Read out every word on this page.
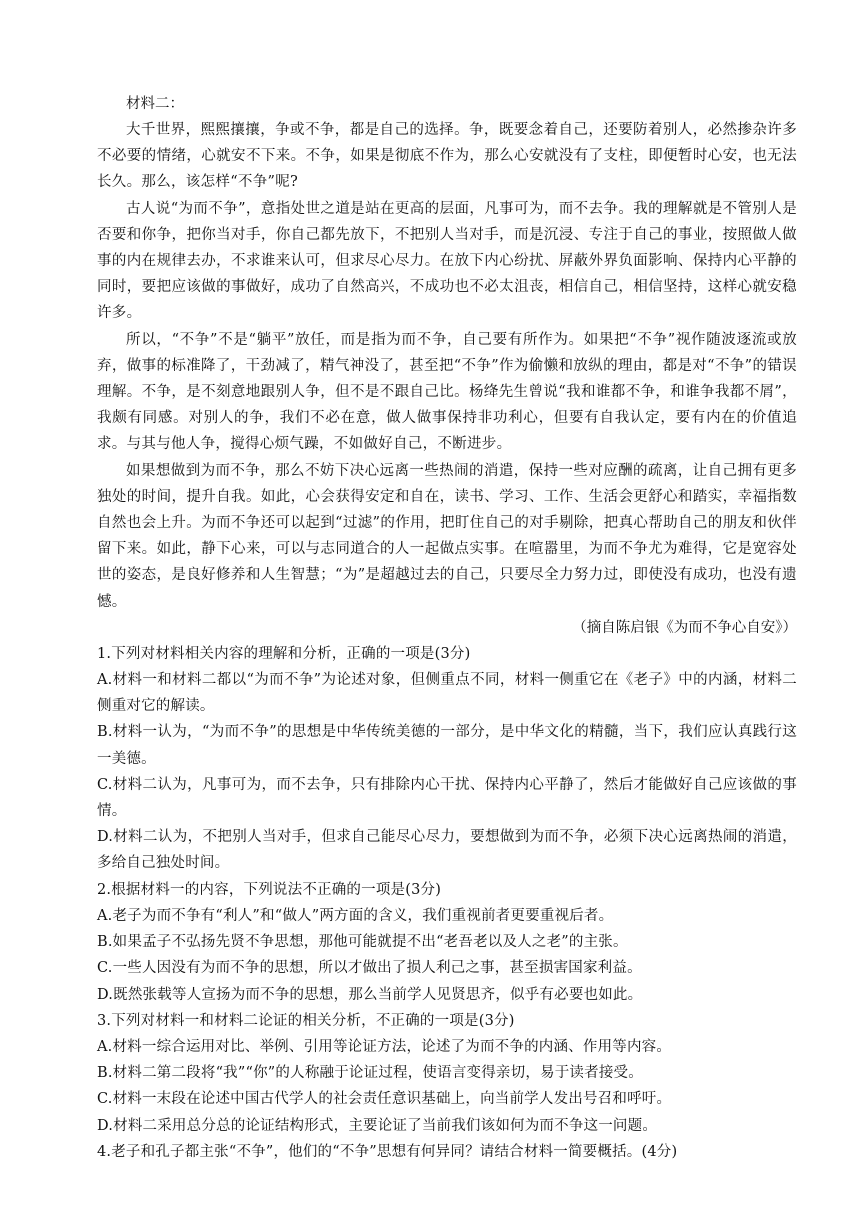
材料二：

大千世界，熙熙攘攘，争或不争，都是自己的选择。争，既要念着自己，还要防着别人，必然掺杂许多不必要的情绪，心就安不下来。不争，如果是彻底不作为，那么心安就没有了支柱，即便暂时心安，也无法长久。那么，该怎样“不争”呢?

古人说“为而不争”，意指处世之道是站在更高的层面，凡事可为，而不去争。我的理解就是不管别人是否要和你争，把你当对手，你自己都先放下，不把别人当对手，而是沉浸、专注于自己的事业，按照做人做事的内在规律去办，不求谁来认可，但求尽心尽力。在放下内心纷扰、屏蔽外界负面影响、保持内心平静的同时，要把应该做的事做好，成功了自然高兴，不成功也不必太沮丧，相信自己，相信坚持，这样心就安稳许多。

所以，“不争”不是“躺平”放任，而是指为而不争，自己要有所作为。如果把“不争”视作随波逐流或放弃，做事的标准降了，干劲减了，精气神没了，甚至把“不争”作为偷懒和放纵的理由，都是对“不争”的错误理解。不争，是不刻意地跟别人争，但不是不跟自己比。杨绛先生曾说“我和谁都不争，和谁争我都不屑”，我颇有同感。对别人的争，我们不必在意，做人做事保持非功利心，但要有自我认定，要有内在的价值追求。与其与他人争，搅得心烦气躁，不如做好自己，不断进步。

如果想做到为而不争，那么不妨下决心远离一些热闹的消遣，保持一些对应酬的疏离，让自己拥有更多独处的时间，提升自我。如此，心会获得安定和自在，读书、学习、工作、生活会更舒心和踏实，幸福指数自然也会上升。为而不争还可以起到“过滤”的作用，把盯住自己的对手剔除，把真心帮助自己的朋友和伙伴留下来。如此，静下心来，可以与志同道合的人一起做点实事。在喧嚣里，为而不争尤为难得，它是宽容处世的姿态，是良好修养和人生智慧；“为”是超越过去的自己，只要尽全力努力过，即使没有成功，也没有遗憾。

（摘自陈启银《为而不争心自安》）

1.下列对材料相关内容的理解和分析，正确的一项是(3分)

A.材料一和材料二都以“为而不争”为论述对象，但侧重点不同，材料一侧重它在《老子》中的内涵，材料二侧重对它的解读。

B.材料一认为，“为而不争”的思想是中华传统美德的一部分，是中华文化的精髓，当下，我们应认真践行这一美德。

C.材料二认为，凡事可为，而不去争，只有排除内心干扰、保持内心平静了，然后才能做好自己应该做的事情。

D.材料二认为，不把别人当对手，但求自己能尽心尽力，要想做到为而不争，必须下决心远离热闹的消遣，多给自己独处时间。

2.根据材料一的内容，下列说法不正确的一项是(3分)

A.老子为而不争有“利人”和“做人”两方面的含义，我们重视前者更要重视后者。

B.如果孟子不弘扬先贤不争思想，那他可能就提不出“老吾老以及人之老”的主张。

C.一些人因没有为而不争的思想，所以才做出了损人利己之事，甚至损害国家利益。

D.既然张载等人宣扬为而不争的思想，那么当前学人见贤思齐，似乎有必要也如此。

3.下列对材料一和材料二论证的相关分析，不正确的一项是(3分)

A.材料一综合运用对比、举例、引用等论证方法，论述了为而不争的内涵、作用等内容。

B.材料二第二段将“我”“你”的人称融于论证过程，使语言变得亲切，易于读者接受。

C.材料一末段在论述中国古代学人的社会责任意识基础上，向当前学人发出号召和呼吁。

D.材料二采用总分总的论证结构形式，主要论证了当前我们该如何为而不争这一问题。

4.老子和孔子都主张“不争”，他们的“不争”思想有何异同？请结合材料一简要概括。(4分)
